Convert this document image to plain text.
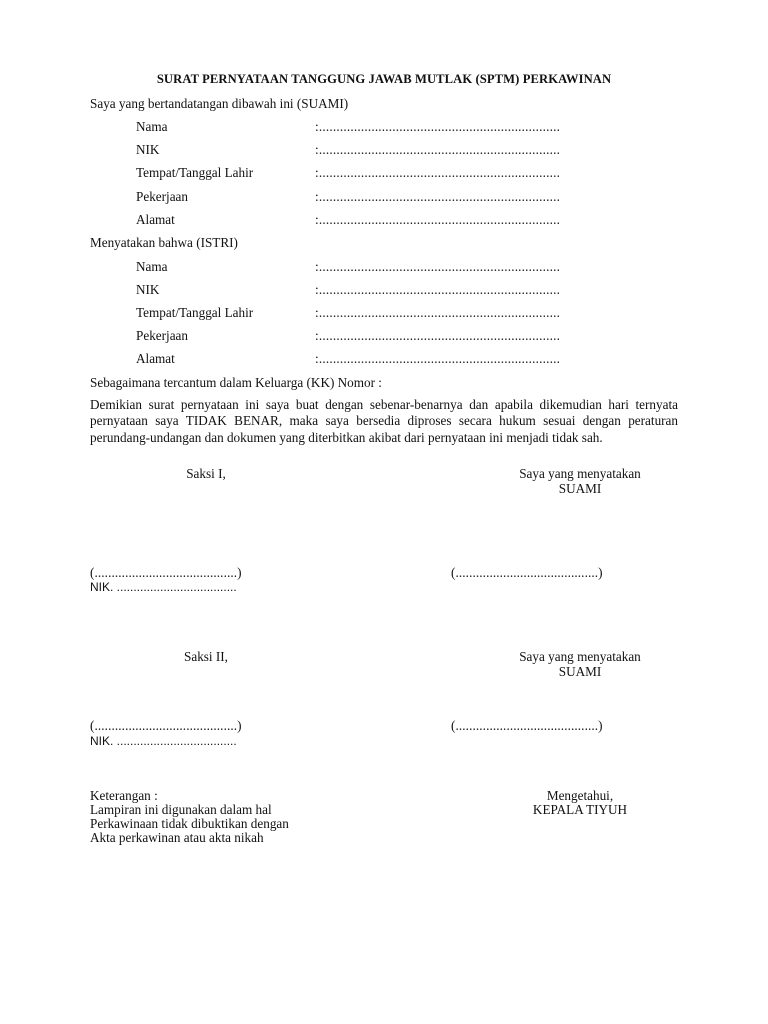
SURAT PERNYATAAN TANGGUNG JAWAB MUTLAK (SPTM) PERKAWINAN
Saya yang bertandatangan dibawah ini (SUAMI)
Nama	:.....................................................................
NIK	:.....................................................................
Tempat/Tanggal Lahir	:.....................................................................
Pekerjaan	:.....................................................................
Alamat	:.....................................................................
Menyatakan bahwa (ISTRI)
Nama	:.....................................................................
NIK	:.....................................................................
Tempat/Tanggal Lahir	:.....................................................................
Pekerjaan	:.....................................................................
Alamat	:.....................................................................
Sebagaimana tercantum dalam Keluarga (KK) Nomor :
Demikian surat pernyataan ini saya buat dengan sebenar-benarnya dan apabila dikemudian hari ternyata pernyataan saya TIDAK BENAR, maka saya bersedia diproses secara hukum sesuai dengan peraturan perundang-undangan dan dokumen yang diterbitkan akibat dari pernyataan ini menjadi tidak sah.
Saksi I,	Saya yang menyatakan
SUAMI
(..........................................)	(..........................................)
NIK. ....................................
Saksi II,	Saya yang menyatakan
SUAMI
(..........................................)	(..........................................)
NIK. ....................................
Keterangan :
Lampiran ini digunakan dalam hal
Perkawinaan tidak dibuktikan dengan
Akta perkawinan atau akta nikah
Mengetahui,
KEPALA TIYUH
